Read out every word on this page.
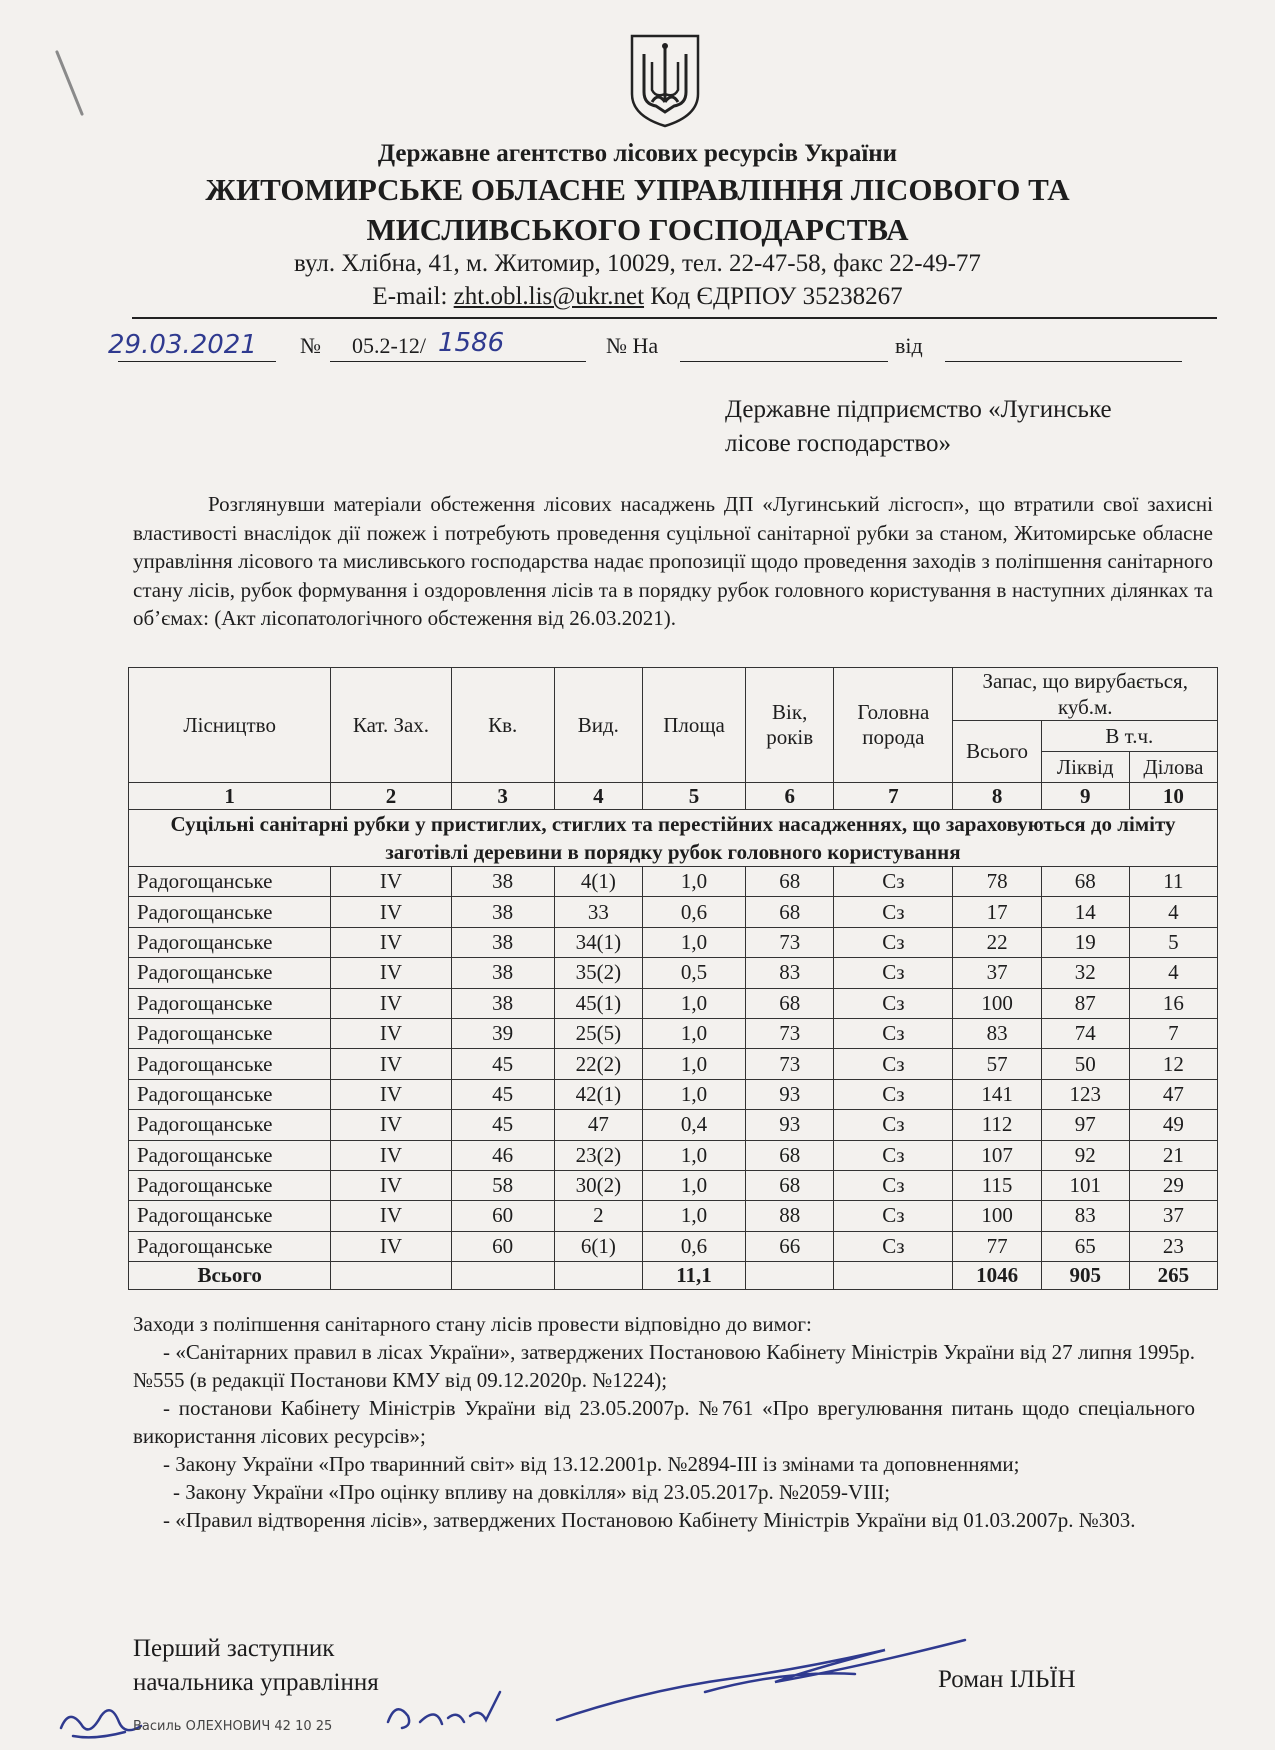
Державне агентство лісових ресурсів України
ЖИТОМИРСЬКЕ ОБЛАСНЕ УПРАВЛІННЯ ЛІСОВОГО ТА
МИСЛИВСЬКОГО ГОСПОДАРСТВА
вул. Хлібна, 41, м. Житомир, 10029, тел. 22-47-58, факс 22-49-77
E-mail: zht.obl.lis@ukr.net Код ЄДРПОУ 35238267
29.03.2021 № 05.2-12/ 1586	№ На	від
Державне підприємство «Лугинське
лісове господарство»
Розглянувши матеріали обстеження лісових насаджень ДП «Лугинський лісгосп», що втратили свої захисні властивості внаслідок дії пожеж і потребують проведення суцільної санітарної рубки за станом, Житомирське обласне управління лісового та мисливського господарства надає пропозиції щодо проведення заходів з поліпшення санітарного стану лісів, рубок формування і оздоровлення лісів та в порядку рубок головного користування в наступних ділянках та об’ємах: (Акт лісопатологічного обстеження від 26.03.2021).
Лісництво	Кат. Зах.	Кв.	Вид.	Площа	Вік, років	Головна порода	Запас, що вирубається, куб.м.		
							Всього	В т.ч.	
								Ліквід	Ділова
1	2	3	4	5	6	7	8	9	10
Суцільні санітарні рубки у пристиглих, стиглих та перестійних насадженнях, що зараховуються до ліміту заготівлі деревини в порядку рубок головного користування									
Радогощанське	IV	38	4(1)	1,0	68	Сз	78	68	11
Радогощанське	IV	38	33	0,6	68	Сз	17	14	4
Радогощанське	IV	38	34(1)	1,0	73	Сз	22	19	5
Радогощанське	IV	38	35(2)	0,5	83	Сз	37	32	4
Радогощанське	IV	38	45(1)	1,0	68	Сз	100	87	16
Радогощанське	IV	39	25(5)	1,0	73	Сз	83	74	7
Радогощанське	IV	45	22(2)	1,0	73	Сз	57	50	12
Радогощанське	IV	45	42(1)	1,0	93	Сз	141	123	47
Радогощанське	IV	45	47	0,4	93	Сз	112	97	49
Радогощанське	IV	46	23(2)	1,0	68	Сз	107	92	21
Радогощанське	IV	58	30(2)	1,0	68	Сз	115	101	29
Радогощанське	IV	60	2	1,0	88	Сз	100	83	37
Радогощанське	IV	60	6(1)	0,6	66	Сз	77	65	23
Всього				11,1			1046	905	265

Заходи з поліпшення санітарного стану лісів провести відповідно до вимог:

- «Санітарних правил в лісах України», затверджених Постановою Кабінету Міністрів України від 27 липня 1995р. №555 (в редакції Постанови КМУ від 09.12.2020р. №1224);

- постанови Кабінету Міністрів України від 23.05.2007р. №761 «Про врегулювання питань щодо спеціального використання лісових ресурсів»;

- Закону України «Про тваринний світ» від 13.12.2001р. №2894-ІІІ із змінами та доповненнями;

- Закону України «Про оцінку впливу на довкілля» від 23.05.2017р. №2059-VIII;

- «Правил відтворення лісів», затверджених Постановою Кабінету Міністрів України від 01.03.2007р. №303.

Перший заступник
начальника управління	Роман ІЛЬЇН
Василь ОЛЕХНОВИЧ 42 10 25
